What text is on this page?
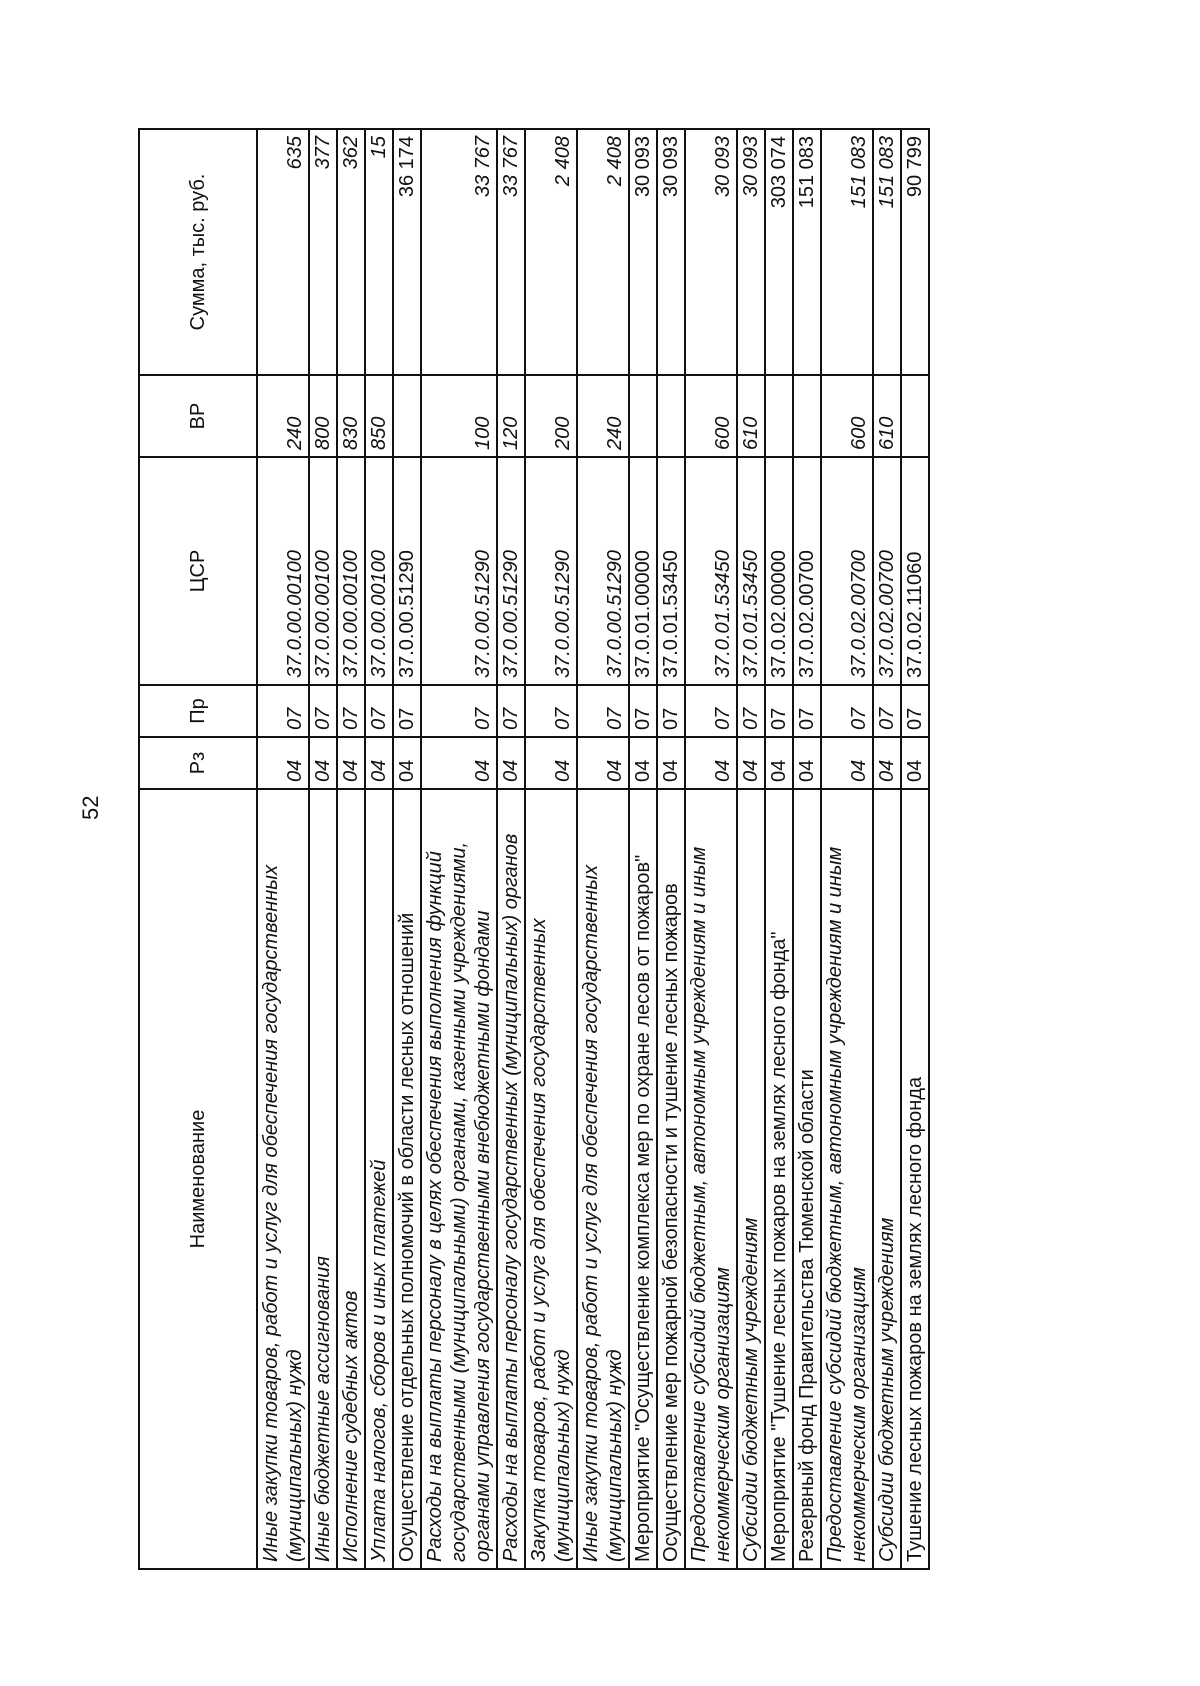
52
Наименование	Рз	Пр	ЦСР	ВР	Сумма, тыс. руб.
Иные закупки товаров, работ и услуг для обеспечения государственных (муниципальных) нужд	04	07	37.0.00.00100	240	635
Иные бюджетные ассигнования	04	07	37.0.00.00100	800	377
Исполнение судебных актов	04	07	37.0.00.00100	830	362
Уплата налогов, сборов и иных платежей	04	07	37.0.00.00100	850	15
Осуществление отдельных полномочий в области лесных отношений	04	07	37.0.00.51290		36 174
Расходы на выплаты персоналу в целях обеспечения выполнения функций государственными (муниципальными) органами, казенными учреждениями, органами управления государственными внебюджетными фондами	04	07	37.0.00.51290	100	33 767
Расходы на выплаты персоналу государственных (муниципальных) органов	04	07	37.0.00.51290	120	33 767
Закупка товаров, работ и услуг для обеспечения государственных (муниципальных) нужд	04	07	37.0.00.51290	200	2 408
Иные закупки товаров, работ и услуг для обеспечения государственных (муниципальных) нужд	04	07	37.0.00.51290	240	2 408
Мероприятие "Осуществление комплекса мер по охране лесов от пожаров"	04	07	37.0.01.00000		30 093
Осуществление мер пожарной безопасности и тушение лесных пожаров	04	07	37.0.01.53450		30 093
Предоставление субсидий бюджетным, автономным учреждениям и иным некоммерческим организациям	04	07	37.0.01.53450	600	30 093
Субсидии бюджетным учреждениям	04	07	37.0.01.53450	610	30 093
Мероприятие "Тушение лесных пожаров на землях лесного фонда"	04	07	37.0.02.00000		303 074
Резервный фонд Правительства Тюменской области	04	07	37.0.02.00700		151 083
Предоставление субсидий бюджетным, автономным учреждениям и иным некоммерческим организациям	04	07	37.0.02.00700	600	151 083
Субсидии бюджетным учреждениям	04	07	37.0.02.00700	610	151 083
Тушение лесных пожаров на землях лесного фонда	04	07	37.0.02.11060		90 799
